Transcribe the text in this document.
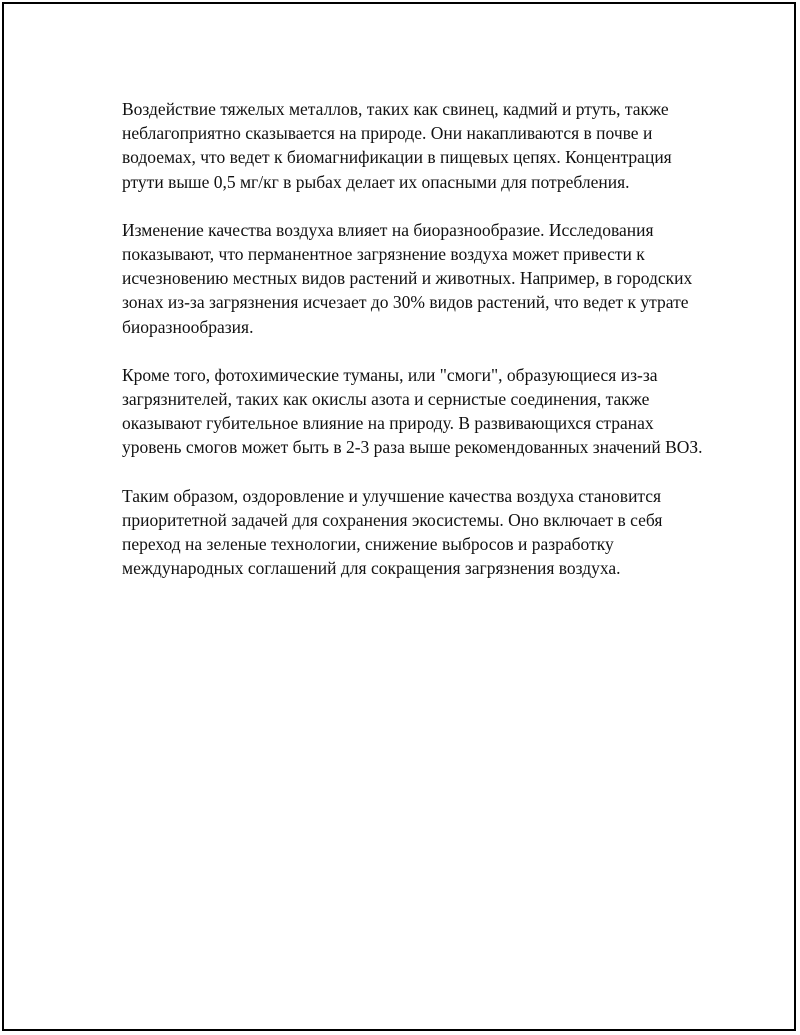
Воздействие тяжелых металлов, таких как свинец, кадмий и ртуть, также неблагоприятно сказывается на природе. Они накапливаются в почве и водоемах, что ведет к биомагнификации в пищевых цепях. Концентрация ртути выше 0,5 мг/кг в рыбах делает их опасными для потребления.

Изменение качества воздуха влияет на биоразнообразие. Исследования показывают, что перманентное загрязнение воздуха может привести к исчезновению местных видов растений и животных. Например, в городских зонах из-за загрязнения исчезает до 30% видов растений, что ведет к утрате биоразнообразия.

Кроме того, фотохимические туманы, или "смоги", образующиеся из-за загрязнителей, таких как окислы азота и сернистые соединения, также оказывают губительное влияние на природу. В развивающихся странах уровень смогов может быть в 2-3 раза выше рекомендованных значений ВОЗ.

Таким образом, оздоровление и улучшение качества воздуха становится приоритетной задачей для сохранения экосистемы. Оно включает в себя переход на зеленые технологии, снижение выбросов и разработку международных соглашений для сокращения загрязнения воздуха.
